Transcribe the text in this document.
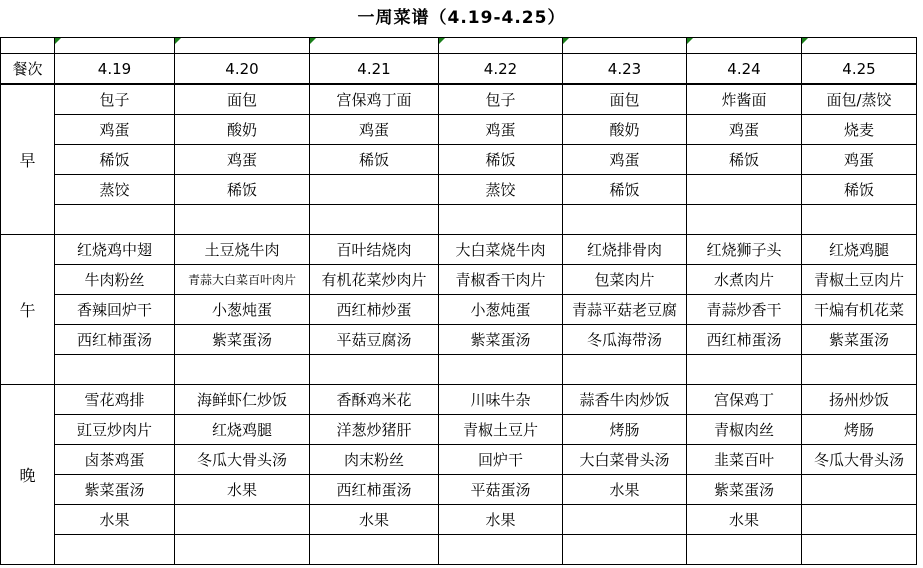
一周菜谱（4.19-4.25）

餐次	4.19	4.20	4.21	4.22	4.23	4.24	4.25
早	包子	面包	宫保鸡丁面	包子	面包	炸酱面	面包/蒸饺
	鸡蛋	酸奶	鸡蛋	鸡蛋	酸奶	鸡蛋	烧麦
	稀饭	鸡蛋	稀饭	稀饭	鸡蛋	稀饭	鸡蛋
	蒸饺	稀饭		蒸饺	稀饭		稀饭

午	红烧鸡中翅	土豆烧牛肉	百叶结烧肉	大白菜烧牛肉	红烧排骨肉	红烧狮子头	红烧鸡腿
	牛肉粉丝	青蒜大白菜百叶肉片	有机花菜炒肉片	青椒香干肉片	包菜肉片	水煮肉片	青椒土豆肉片
	香辣回炉干	小葱炖蛋	西红柿炒蛋	小葱炖蛋	青蒜平菇老豆腐	青蒜炒香干	干煸有机花菜
	西红柿蛋汤	紫菜蛋汤	平菇豆腐汤	紫菜蛋汤	冬瓜海带汤	西红柿蛋汤	紫菜蛋汤

晚	雪花鸡排	海鲜虾仁炒饭	香酥鸡米花	川味牛杂	蒜香牛肉炒饭	宫保鸡丁	扬州炒饭
	豇豆炒肉片	红烧鸡腿	洋葱炒猪肝	青椒土豆片	烤肠	青椒肉丝	烤肠
	卤茶鸡蛋	冬瓜大骨头汤	肉末粉丝	回炉干	大白菜骨头汤	韭菜百叶	冬瓜大骨头汤
	紫菜蛋汤	水果	西红柿蛋汤	平菇蛋汤	水果	紫菜蛋汤	
	水果		水果	水果		水果	
